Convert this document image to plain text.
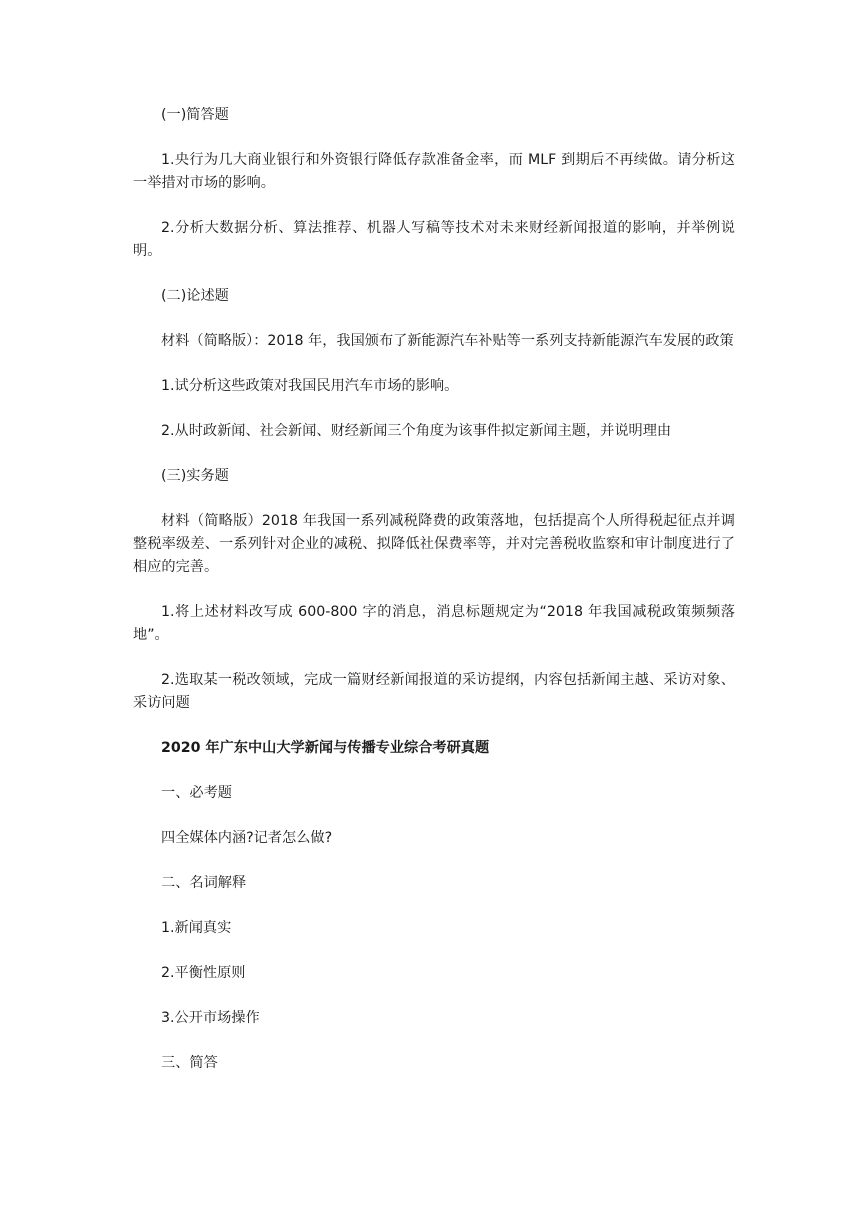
(一)简答题

1.央行为几大商业银行和外资银行降低存款准备金率，而 MLF 到期后不再续做。请分析这一举措对市场的影响。

2.分析大数据分析、算法推荐、机器人写稿等技术对未来财经新闻报道的影响，并举例说明。

(二)论述题

材料（简略版）：2018 年，我国颁布了新能源汽车补贴等一系列支持新能源汽车发展的政策

1.试分析这些政策对我国民用汽车市场的影响。

2.从时政新闻、社会新闻、财经新闻三个角度为该事件拟定新闻主题，并说明理由

(三)实务题

材料（简略版）2018 年我国一系列减税降费的政策落地，包括提高个人所得税起征点并调整税率级差、一系列针对企业的减税、拟降低社保费率等，并对完善税收监察和审计制度进行了相应的完善。

1.将上述材料改写成 600-800 字的消息，消息标题规定为“2018 年我国减税政策频频落地”。

2.选取某一税改领域，完成一篇财经新闻报道的采访提纲，内容包括新闻主越、采访对象、采访问题

2020 年广东中山大学新闻与传播专业综合考研真题

一、必考题

四全媒体内涵?记者怎么做?

二、名词解释

1.新闻真实

2.平衡性原则

3.公开市场操作

三、简答
